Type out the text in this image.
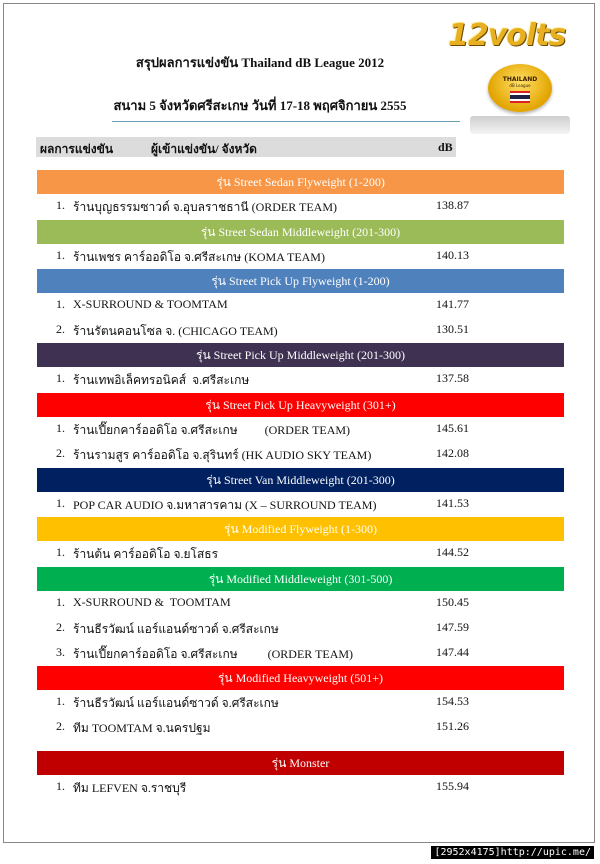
12volts
THAILAND
dB League
สรุปผลการแข่งขัน Thailand dB League 2012
สนาม 5 จังหวัดศรีสะเกษ วันที่ 17-18 พฤศจิกายน 2555
ผลการแข่งขัน	ผู้เข้าแข่งขัน/ จังหวัด	dB
รุ่น Street Sedan Flyweight (1-200)
1. ร้านบุญธรรมซาวด์ จ.อุบลราชธานี (ORDER TEAM)	138.87
รุ่น Street Sedan Middleweight (201-300)
1. ร้านเพชร คาร์ออดิโอ จ.ศรีสะเกษ (KOMA TEAM)	140.13
รุ่น Street Pick Up Flyweight (1-200)
1. X-SURROUND & TOOMTAM	141.77
2. ร้านรัตนคอนโซล จ. (CHICAGO TEAM)	130.51
รุ่น Street Pick Up Middleweight (201-300)
1. ร้านเทพอิเล็คทรอนิคส์  จ.ศรีสะเกษ	137.58
รุ่น Street Pick Up Heavyweight (301+)
1. ร้านเปี๊ยกคาร์ออดิโอ จ.ศรีสะเกษ         (ORDER TEAM)	145.61
2. ร้านรามสูร คาร์ออดิโอ จ.สุรินทร์ (HK AUDIO SKY TEAM)	142.08
รุ่น Street Van Middleweight (201-300)
1. POP CAR AUDIO จ.มหาสารคาม (X – SURROUND TEAM)	141.53
รุ่น Modified Flyweight (1-300)
1. ร้านต้น คาร์ออดิโอ จ.ยโสธร	144.52
รุ่น Modified Middleweight (301-500)
1. X-SURROUND &  TOOMTAM	150.45
2. ร้านธีรวัฒน์ แอร์แอนด์ซาวด์ จ.ศรีสะเกษ	147.59
3. ร้านเปี๊ยกคาร์ออดิโอ จ.ศรีสะเกษ          (ORDER TEAM)	147.44
รุ่น Modified Heavyweight (501+)
1. ร้านธีรวัฒน์ แอร์แอนด์ซาวด์ จ.ศรีสะเกษ	154.53
2. ทีม TOOMTAM จ.นครปฐม	151.26
รุ่น Monster
1. ทีม LEFVEN จ.ราชบุรี	155.94
[2952x4175]http://upic.me/
